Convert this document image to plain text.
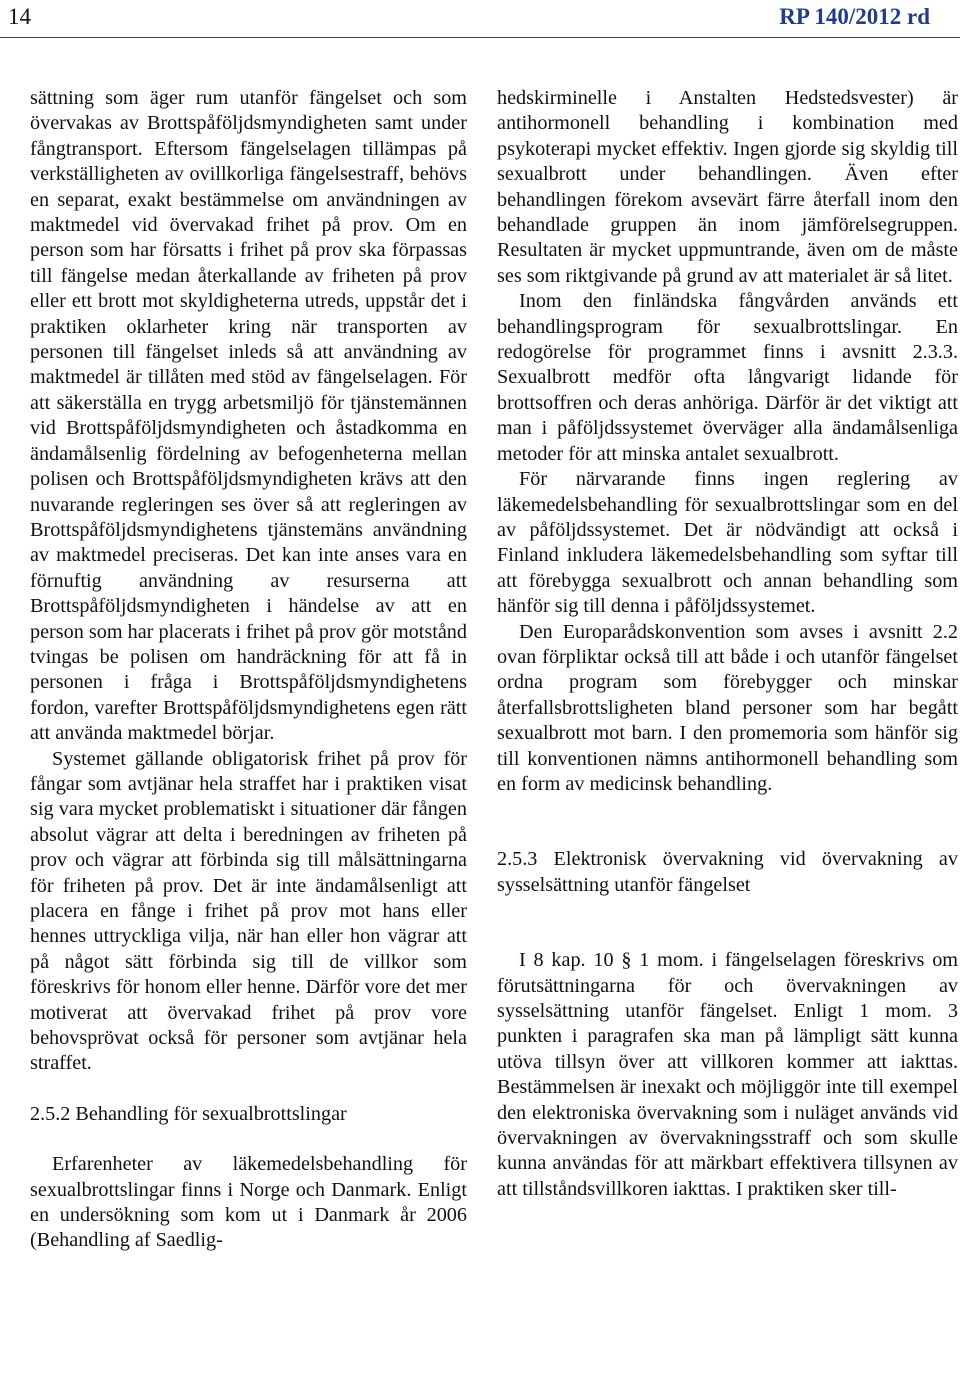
14	RP 140/2012 rd

sättning som äger rum utanför fängelset och som övervakas av Brottspåföljdsmyndigheten samt under fångtransport. Eftersom fängelselagen tillämpas på verkställigheten av ovillkorliga fängelsestraff, behövs en separat, exakt bestämmelse om användningen av maktmedel vid övervakad frihet på prov. Om en person som har försatts i frihet på prov ska förpassas till fängelse medan återkallande av friheten på prov eller ett brott mot skyldigheterna utreds, uppstår det i praktiken oklarheter kring när transporten av personen till fängelset inleds så att användning av maktmedel är tillåten med stöd av fängelselagen. För att säkerställa en trygg arbetsmiljö för tjänstemännen vid Brottspåföljdsmyndigheten och åstadkomma en ändamålsenlig fördelning av befogenheterna mellan polisen och Brottspåföljdsmyndigheten krävs att den nuvarande regleringen ses över så att regleringen av Brottspåföljdsmyndighetens tjänstemäns användning av maktmedel preciseras. Det kan inte anses vara en förnuftig användning av resurserna att Brottspåföljdsmyndigheten i händelse av att en person som har placerats i frihet på prov gör motstånd tvingas be polisen om handräckning för att få in personen i fråga i Brottspåföljdsmyndighetens fordon, varefter Brottspåföljdsmyndighetens egen rätt att använda maktmedel börjar.

Systemet gällande obligatorisk frihet på prov för fångar som avtjänar hela straffet har i praktiken visat sig vara mycket problematiskt i situationer där fången absolut vägrar att delta i beredningen av friheten på prov och vägrar att förbinda sig till målsättningarna för friheten på prov. Det är inte ändamålsenligt att placera en fånge i frihet på prov mot hans eller hennes uttryckliga vilja, när han eller hon vägrar att på något sätt förbinda sig till de villkor som föreskrivs för honom eller henne. Därför vore det mer motiverat att övervakad frihet på prov vore behovsprövat också för personer som avtjänar hela straffet.

2.5.2 Behandling för sexualbrottslingar

Erfarenheter av läkemedelsbehandling för sexualbrottslingar finns i Norge och Danmark. Enligt en undersökning som kom ut i Danmark år 2006 (Behandling af Saedlig-

hedskirminelle i Anstalten Hedstedsvester) är antihormonell behandling i kombination med psykoterapi mycket effektiv. Ingen gjorde sig skyldig till sexualbrott under behandlingen. Även efter behandlingen förekom avsevärt färre återfall inom den behandlade gruppen än inom jämförelsegruppen. Resultaten är mycket uppmuntrande, även om de måste ses som riktgivande på grund av att materialet är så litet.

Inom den finländska fångvården används ett behandlingsprogram för sexualbrottslingar. En redogörelse för programmet finns i avsnitt 2.3.3. Sexualbrott medför ofta långvarigt lidande för brottsoffren och deras anhöriga. Därför är det viktigt att man i påföljdssystemet överväger alla ändamålsenliga metoder för att minska antalet sexualbrott.

För närvarande finns ingen reglering av läkemedelsbehandling för sexualbrottslingar som en del av påföljdssystemet. Det är nödvändigt att också i Finland inkludera läkemedelsbehandling som syftar till att förebygga sexualbrott och annan behandling som hänför sig till denna i påföljdssystemet.

Den Europarådskonvention som avses i avsnitt 2.2 ovan förpliktar också till att både i och utanför fängelset ordna program som förebygger och minskar återfallsbrottsligheten bland personer som har begått sexualbrott mot barn. I den promemoria som hänför sig till konventionen nämns antihormonell behandling som en form av medicinsk behandling.

2.5.3 Elektronisk övervakning vid övervakning av sysselsättning utanför fängelset

I 8 kap. 10 § 1 mom. i fängelselagen föreskrivs om förutsättningarna för och övervakningen av sysselsättning utanför fängelset. Enligt 1 mom. 3 punkten i paragrafen ska man på lämpligt sätt kunna utöva tillsyn över att villkoren kommer att iakttas. Bestämmelsen är inexakt och möjliggör inte till exempel den elektroniska övervakning som i nuläget används vid övervakningen av övervakningsstraff och som skulle kunna användas för att märkbart effektivera tillsynen av att tillståndsvillkoren iakttas. I praktiken sker till-
